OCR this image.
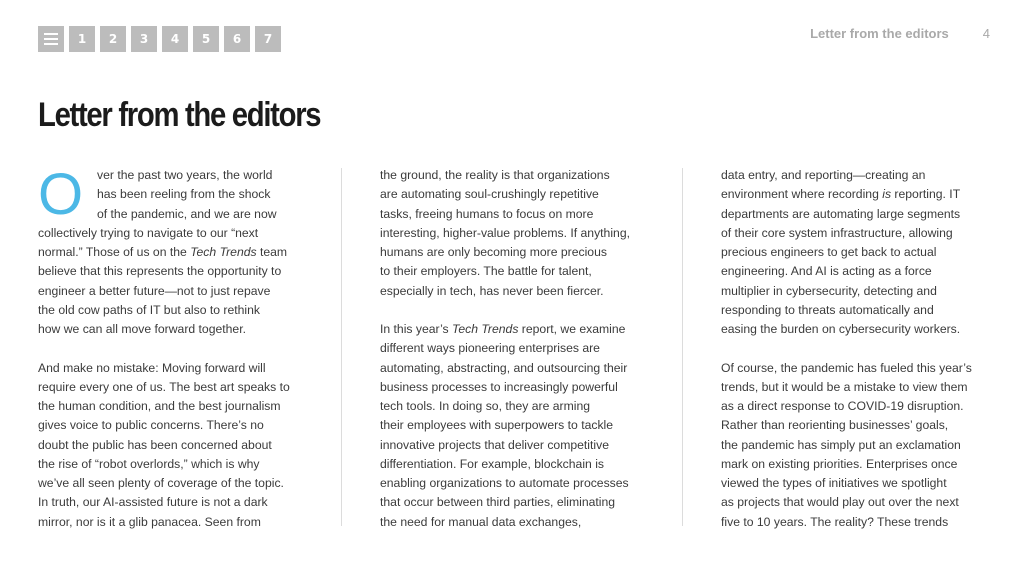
1	2	3	4	5	6	7	Letter from the editors	4
Letter from the editors

O	ver the past two years, the world
has been reeling from the shock
of the pandemic, and we are now
collectively trying to navigate to our “next
normal.” Those of us on the Tech Trends team
believe that this represents the opportunity to
engineer a better future—not to just repave
the old cow paths of IT but also to rethink
how we can all move forward together.

And make no mistake: Moving forward will
require every one of us. The best art speaks to
the human condition, and the best journalism
gives voice to public concerns. There’s no
doubt the public has been concerned about
the rise of “robot overlords,” which is why
we’ve all seen plenty of coverage of the topic.
In truth, our AI-assisted future is not a dark
mirror, nor is it a glib panacea. Seen from

the ground, the reality is that organizations
are automating soul-crushingly repetitive
tasks, freeing humans to focus on more
interesting, higher-value problems. If anything,
humans are only becoming more precious
to their employers. The battle for talent,
especially in tech, has never been fiercer.

In this year’s Tech Trends report, we examine
different ways pioneering enterprises are
automating, abstracting, and outsourcing their
business processes to increasingly powerful
tech tools. In doing so, they are arming
their employees with superpowers to tackle
innovative projects that deliver competitive
differentiation. For example, blockchain is
enabling organizations to automate processes
that occur between third parties, eliminating
the need for manual data exchanges,

data entry, and reporting—creating an
environment where recording is reporting. IT
departments are automating large segments
of their core system infrastructure, allowing
precious engineers to get back to actual
engineering. And AI is acting as a force
multiplier in cybersecurity, detecting and
responding to threats automatically and
easing the burden on cybersecurity workers.

Of course, the pandemic has fueled this year’s
trends, but it would be a mistake to view them
as a direct response to COVID-19 disruption.
Rather than reorienting businesses’ goals,
the pandemic has simply put an exclamation
mark on existing priorities. Enterprises once
viewed the types of initiatives we spotlight
as projects that would play out over the next
five to 10 years. The reality? These trends
